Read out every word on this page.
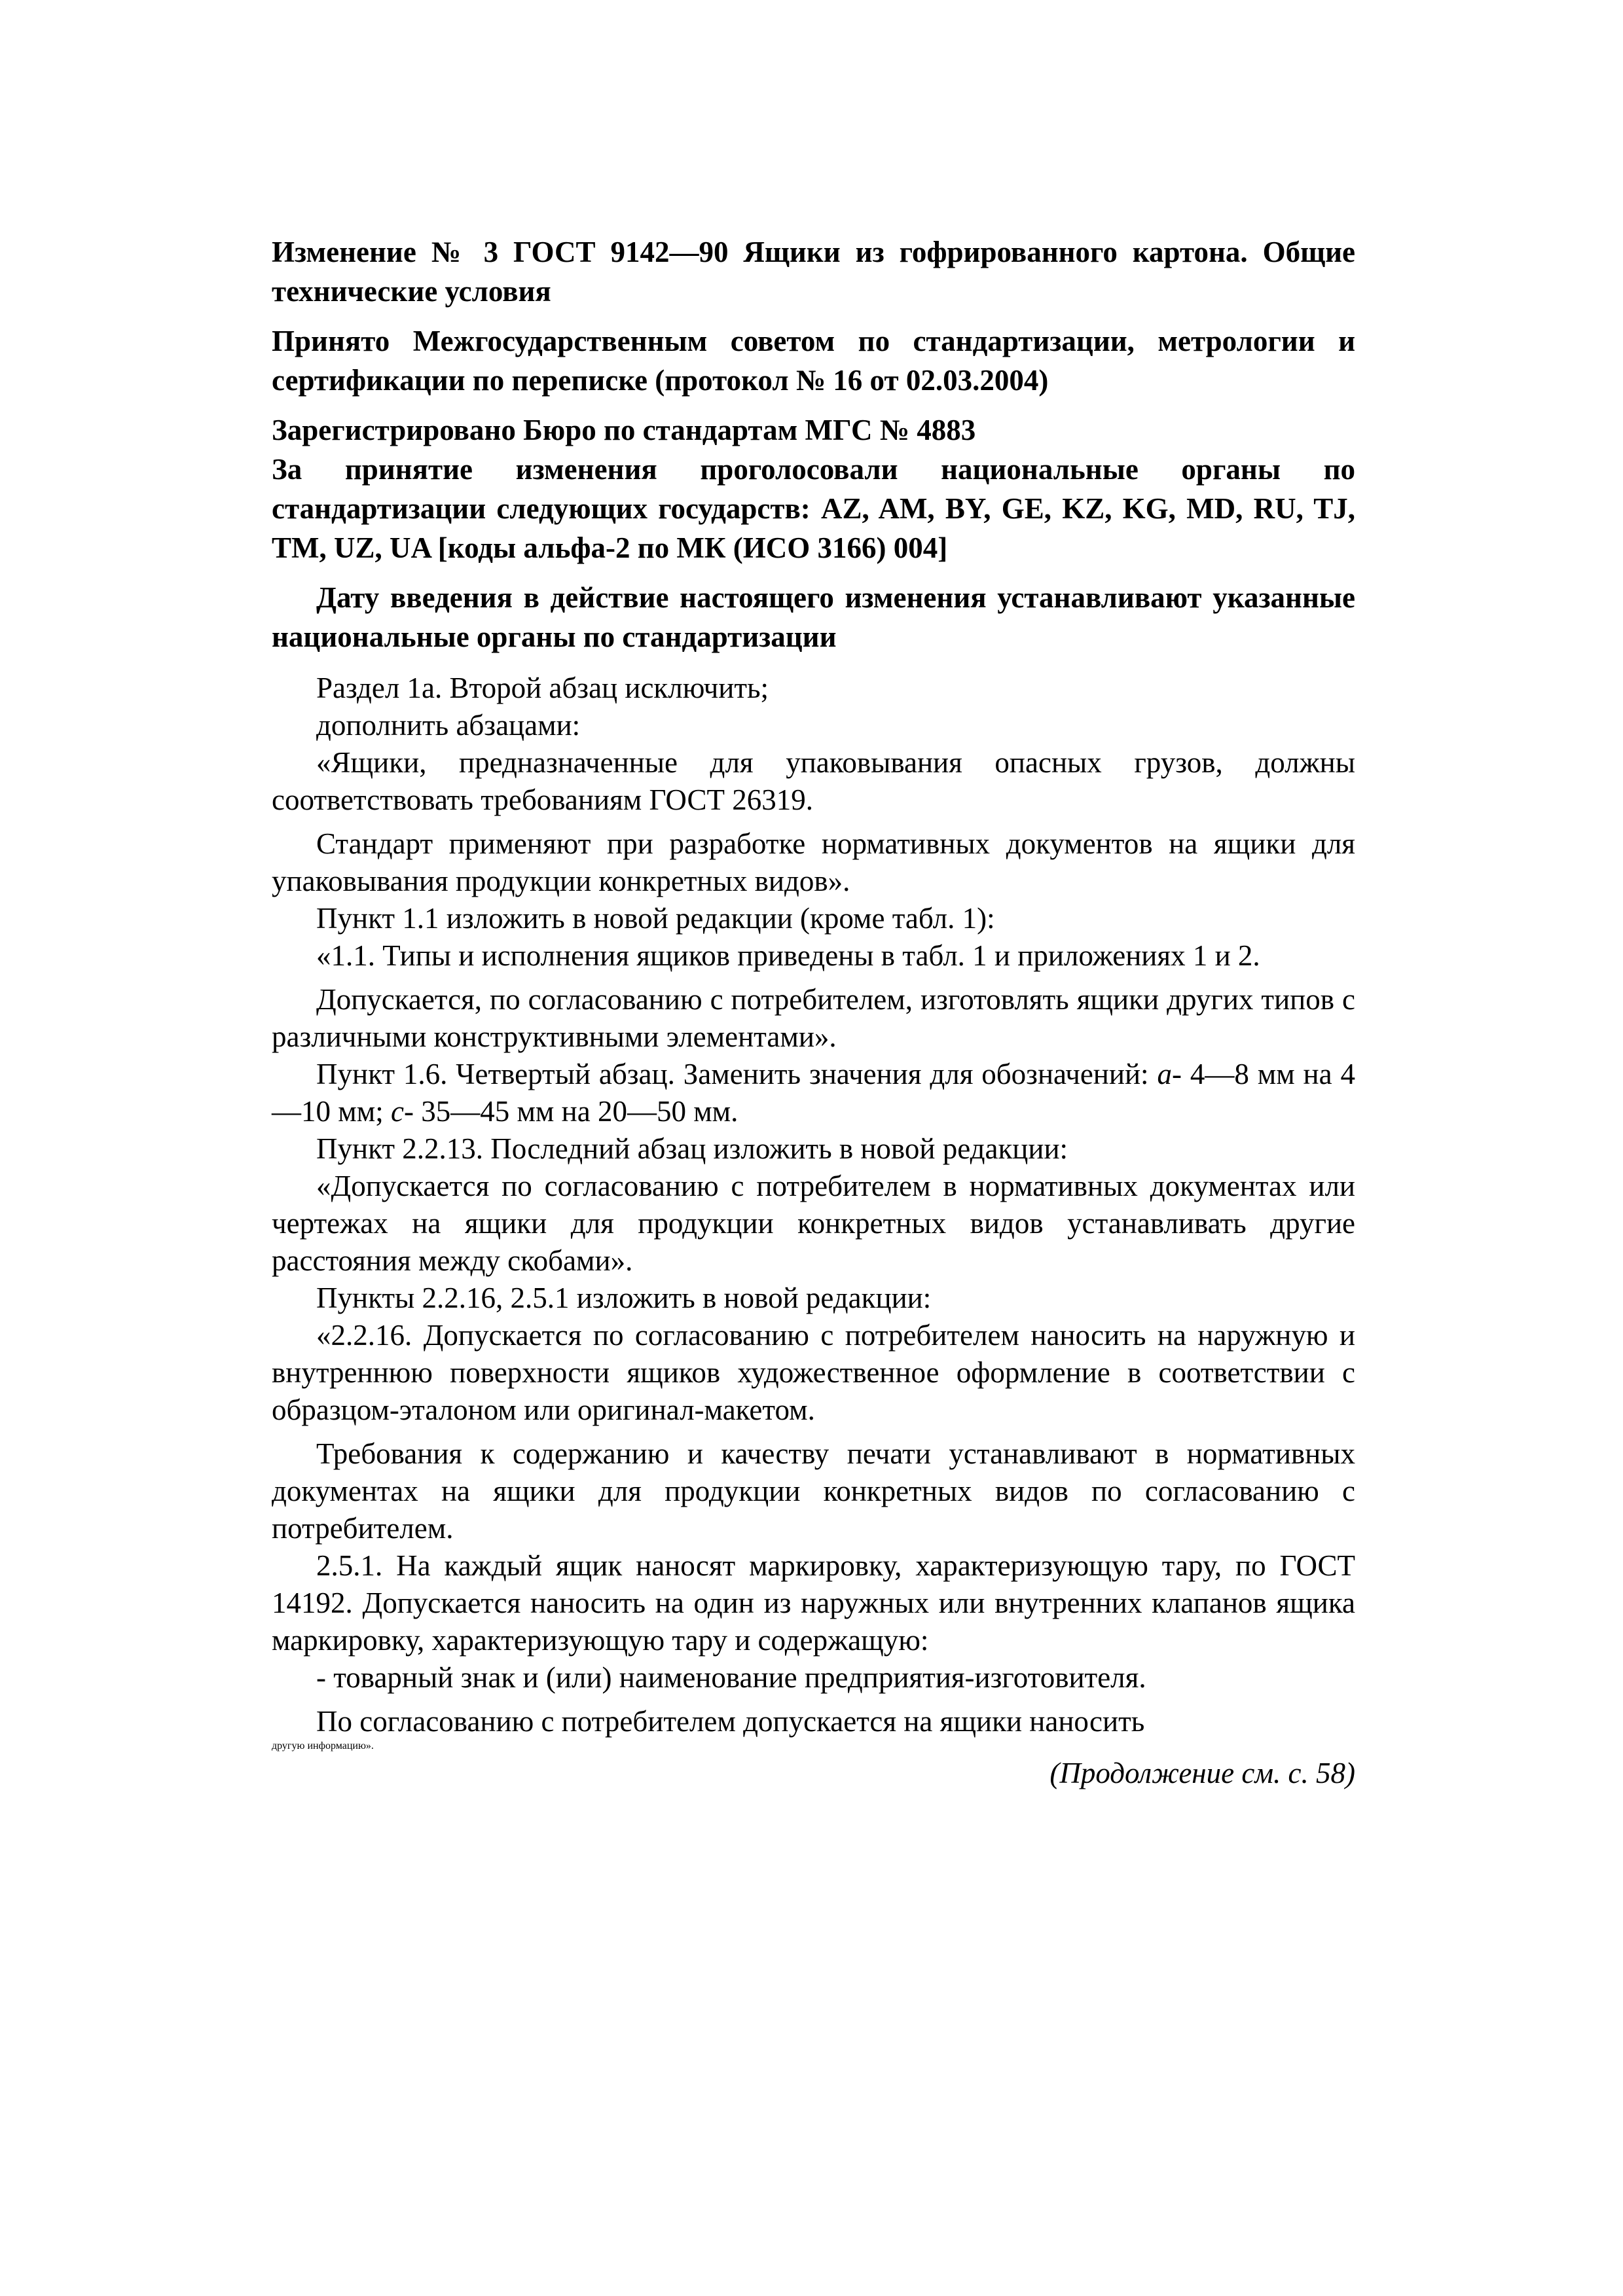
Изменение № 3 ГОСТ 9142—90 Ящики из гофрированного картона. Общие технические условия

Принято Межгосударственным советом по стандартизации, метрологии и сертификации по переписке (протокол № 16 от 02.03.2004)

Зарегистрировано Бюро по стандартам МГС № 4883

За принятие изменения проголосовали национальные органы по стандартизации следующих государств: AZ, AM, BY, GE, KZ, KG, MD, RU, TJ, TM, UZ, UA [коды альфа-2 по МК (ИСО 3166) 004]

Дату введения в действие настоящего изменения устанавливают указанные национальные органы по стандартизации

Раздел 1а. Второй абзац исключить;

дополнить абзацами:

«Ящики, предназначенные для упаковывания опасных грузов, должны соответствовать требованиям ГОСТ 26319.

Стандарт применяют при разработке нормативных документов на ящики для упаковывания продукции конкретных видов».

Пункт 1.1 изложить в новой редакции (кроме табл. 1):

«1.1. Типы и исполнения ящиков приведены в табл. 1 и приложениях 1 и 2.

Допускается, по согласованию с потребителем, изготовлять ящики других типов с различными конструктивными элементами».

Пункт 1.6. Четвертый абзац. Заменить значения для обозначений: а- 4—8 мм на 4—10 мм; с- 35—45 мм на 20—50 мм.

Пункт 2.2.13. Последний абзац изложить в новой редакции:

«Допускается по согласованию с потребителем в нормативных документах или чертежах на ящики для продукции конкретных видов устанавливать другие расстояния между скобами».

Пункты 2.2.16, 2.5.1 изложить в новой редакции:

«2.2.16. Допускается по согласованию с потребителем наносить на наружную и внутреннюю поверхности ящиков художественное оформление в соответствии с образцом-эталоном или оригинал-макетом.

Требования к содержанию и качеству печати устанавливают в нормативных документах на ящики для продукции конкретных видов по согласованию с потребителем.

2.5.1. На каждый ящик наносят маркировку, характеризующую тару, по ГОСТ 14192. Допускается наносить на один из наружных или внутренних клапанов ящика маркировку, характеризующую тару и содержащую:

- товарный знак и (или) наименование предприятия-изготовителя.

По согласованию с потребителем допускается на ящики наносить

другую информацию».
(Продолжение см. с. 58)
